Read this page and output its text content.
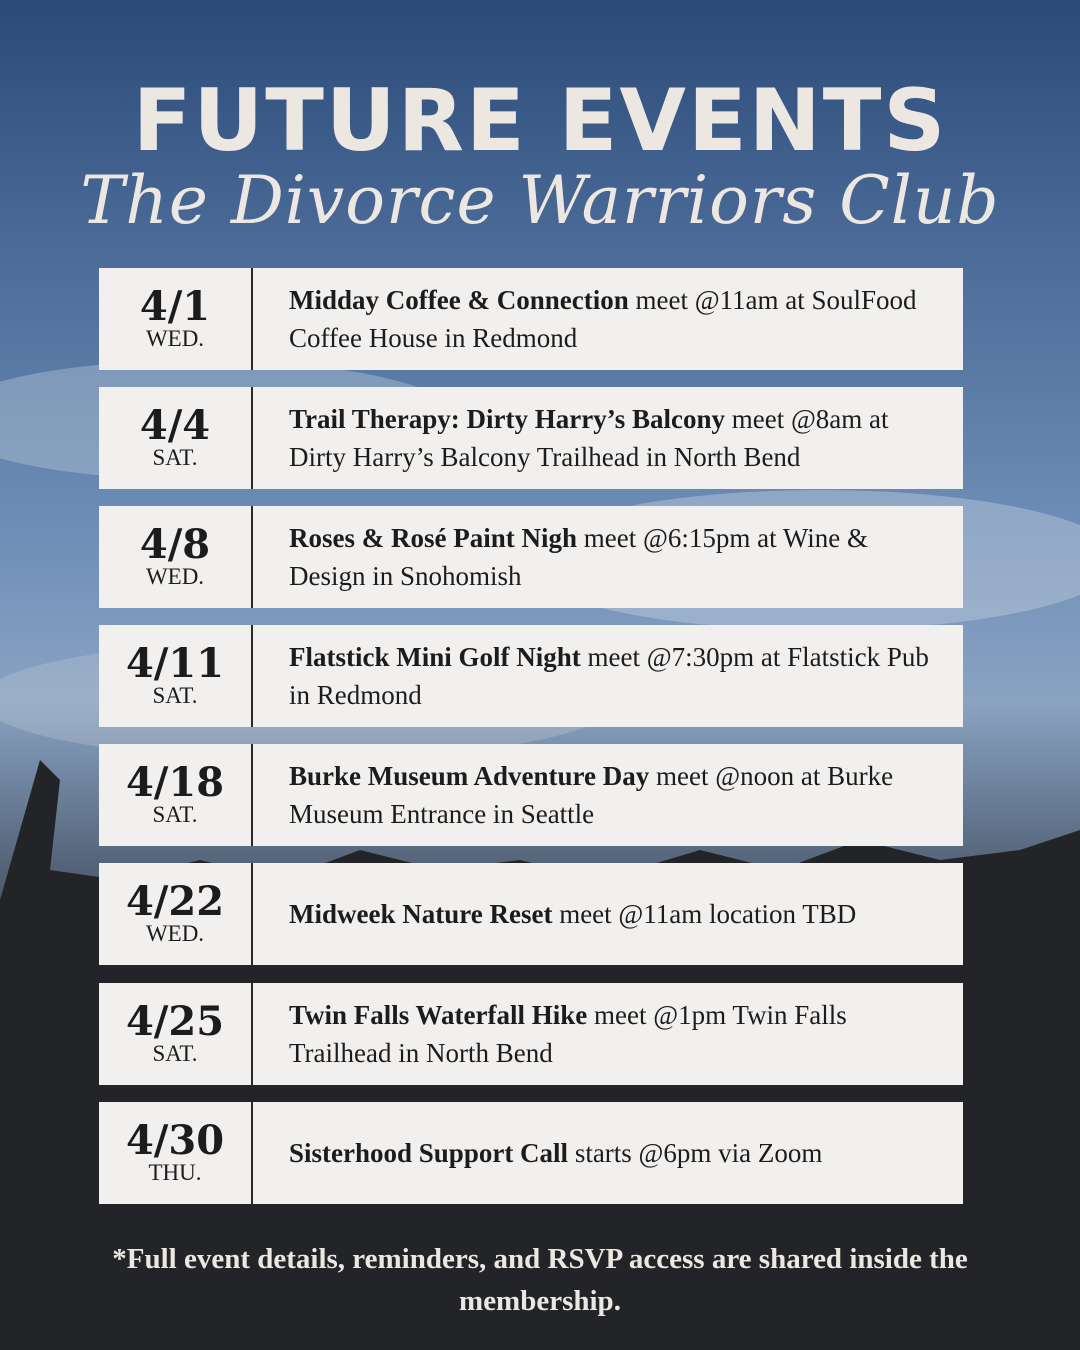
FUTURE EVENTS
The Divorce Warriors Club
4/1
WED.
Midday Coffee & Connection meet @11am at SoulFood Coffee House in Redmond
4/4
SAT.
Trail Therapy: Dirty Harry’s Balcony meet @8am at Dirty Harry’s Balcony Trailhead in North Bend
4/8
WED.
Roses & Rosé Paint Nigh meet @6:15pm at Wine & Design in Snohomish
4/11
SAT.
Flatstick Mini Golf Night meet @7:30pm at Flatstick Pub in Redmond
4/18
SAT.
Burke Museum Adventure Day meet @noon at Burke Museum Entrance in Seattle
4/22
WED.
Midweek Nature Reset meet @11am location TBD
4/25
SAT.
Twin Falls Waterfall Hike meet @1pm Twin Falls Trailhead in North Bend
4/30
THU.
Sisterhood Support Call starts @6pm via Zoom
*Full event details, reminders, and RSVP access are shared inside the membership.
